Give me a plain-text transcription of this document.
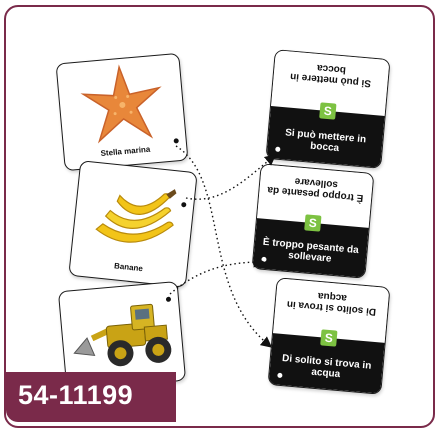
Stella marina
Banane
Si può mettere in bocca
Si può mettere in bocca
S
È troppo pesante da sollevare
È troppo pesante da sollevare
S
Di solito si trova in acqua
Di solito si trova in acqua
S
54-11199
